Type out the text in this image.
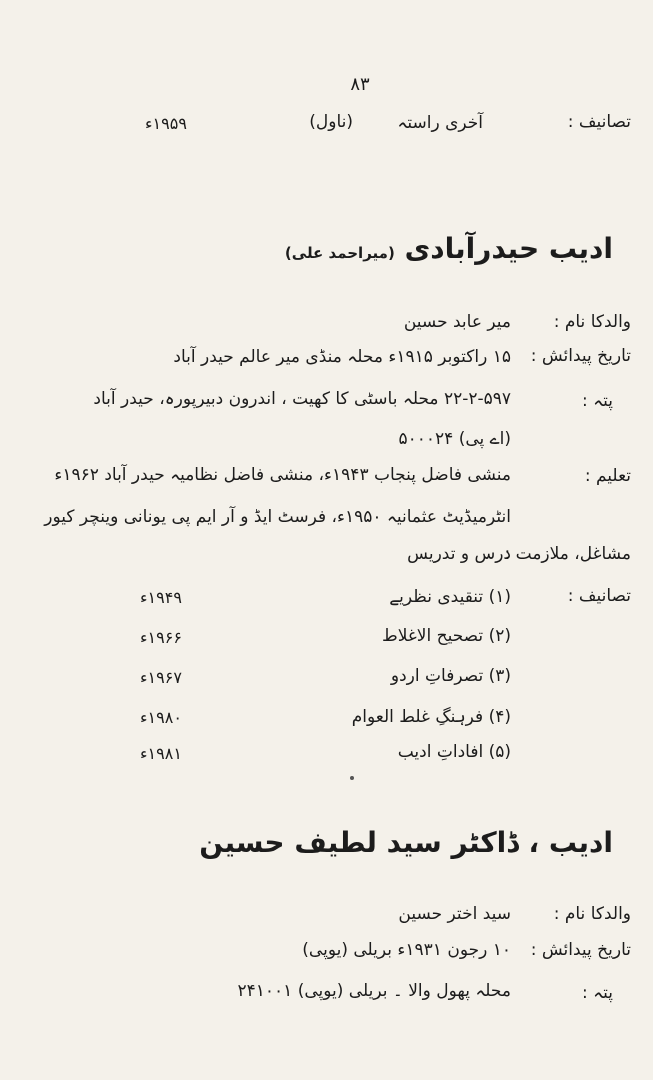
۸۳
تصانیف :
آخری راستہ
(ناول)
۱۹۵۹ء
ادیب حیدرآبادی (میراحمد علی)
والدکا نام :
میر عابد حسین
تاریخ پیدائش :
۱۵ راکتوبر ۱۹۱۵ء محلہ منڈی میر عالم حیدر آباد
پتہ :
۲۲-۲-۵۹۷ محلہ باسٹی کا کھیت ، اندرون دبیرپورہ، حیدر آباد
(اے پی) ۵۰۰۰۲۴
تعلیم :
منشی فاضل پنجاب ۱۹۴۳ء، منشی فاضل نظامیہ حیدر آباد ۱۹۶۲ء
انٹرمیڈیٹ عثمانیہ ۱۹۵۰ء، فرسٹ ایڈ و آر ایم پی یونانی وینچر کیور
مشاغل، ملازمت :
درس و تدریس
تصانیف :
(۱) تنقیدی نظریے
۱۹۴۹ء
(۲) تصحیح الاغلاط
۱۹۶۶ء
(۳) تصرفاتِ اردو
۱۹۶۷ء
(۴) فرہنگِ غلط العوام
۱۹۸۰ء
(۵) افاداتِ ادیب
۱۹۸۱ء
ادیب ، ڈاکٹر سید لطیف حسین
والدکا نام :
سید اختر حسین
تاریخ پیدائش :
۱۰ رجون ۱۹۳۱ء بریلی (یوپی)
پتہ :
محلہ پھول والا ۔ بریلی (یوپی) ۲۴۱۰۰۱
